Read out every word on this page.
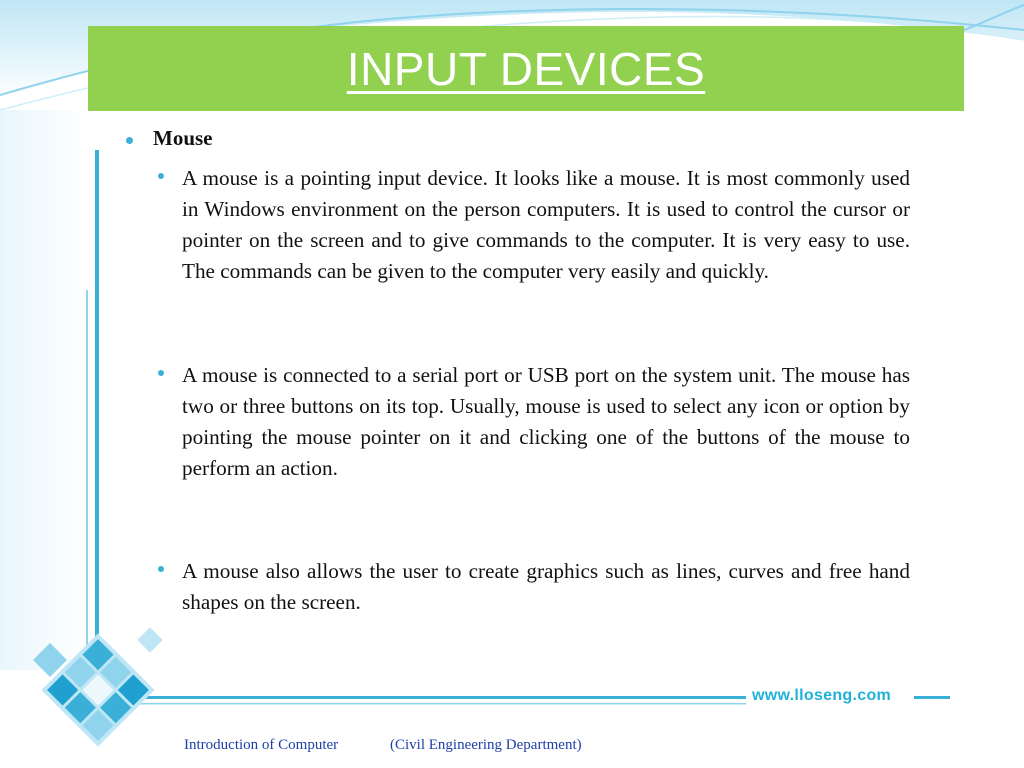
INPUT DEVICES
Mouse
A mouse is a pointing input device. It looks like a mouse. It is most commonly used in Windows environment on the person computers. It is used to control the cursor or pointer on the screen and to give commands to the computer. It is very easy to use. The commands can be given to the computer very easily and quickly.
A mouse is connected to a serial port or USB port on the system unit. The mouse has two or three buttons on its top. Usually, mouse is used to select any icon or option by pointing the mouse pointer on it and clicking one of the buttons of the mouse to perform an action.
A mouse also allows the user to create graphics such as lines, curves and free hand shapes on the screen.
www.lloseng.com
Introduction of Computer	(Civil Engineering Department)
